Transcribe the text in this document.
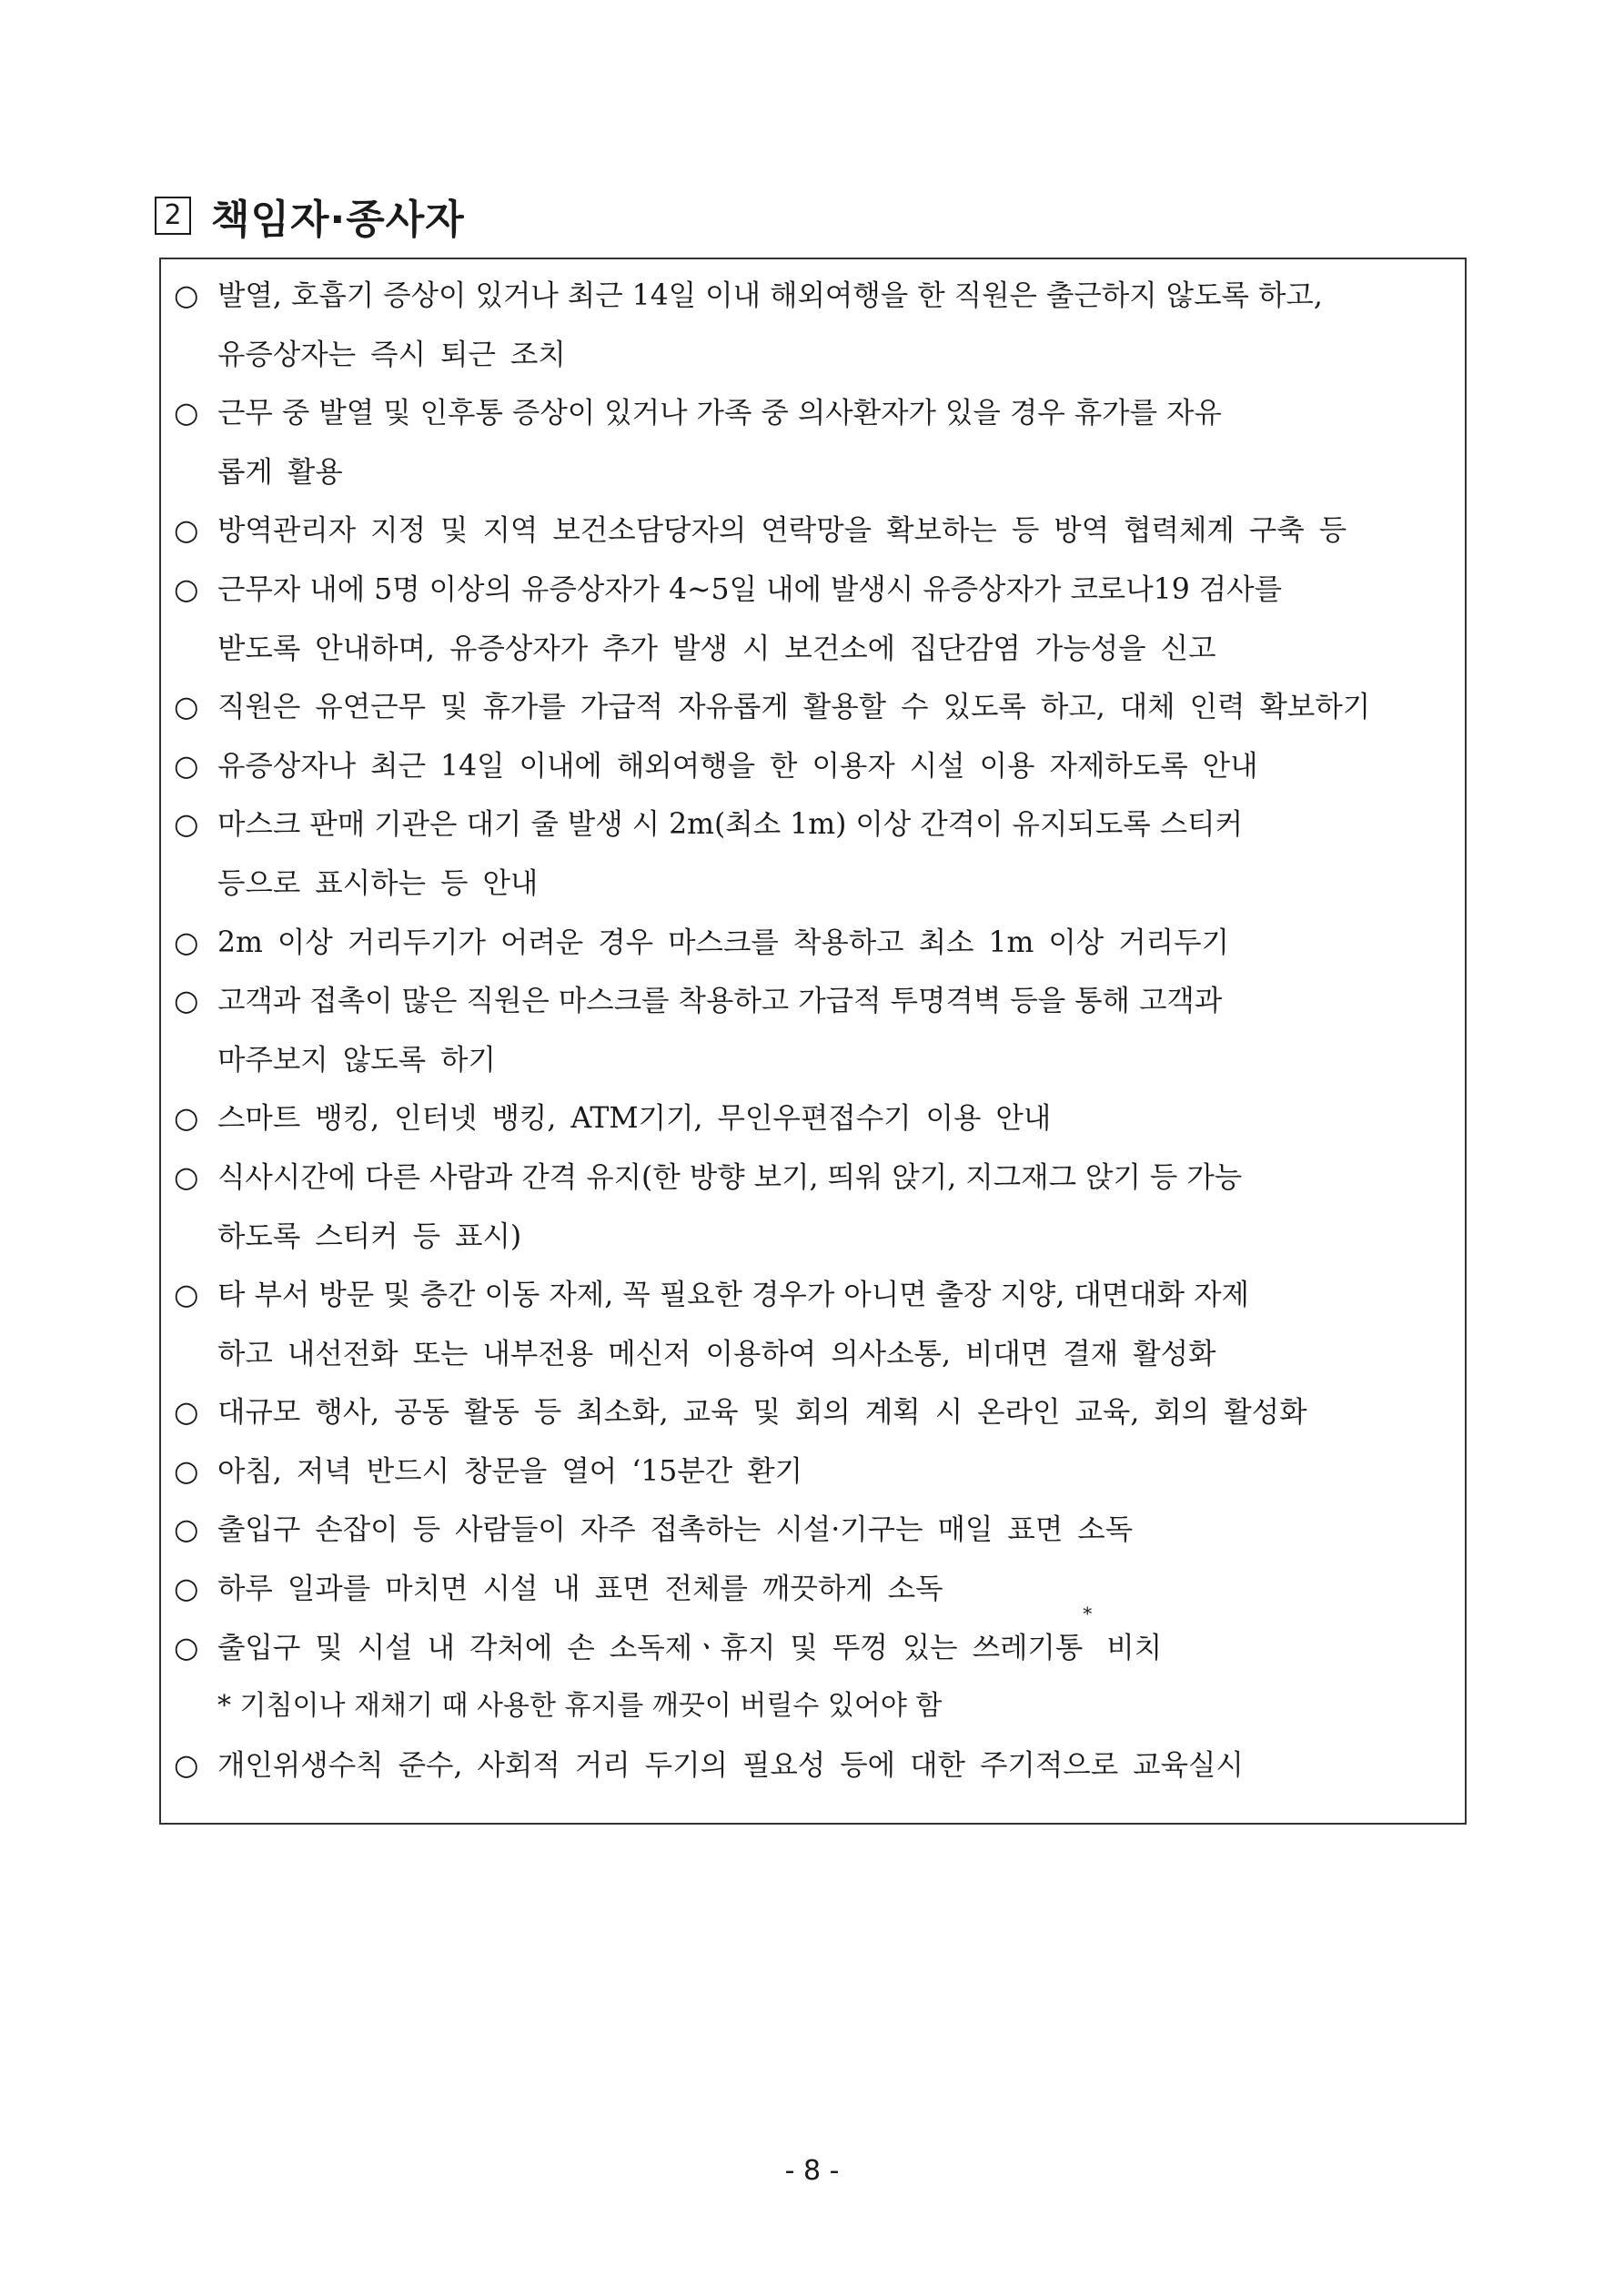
2 책임자·종사자
○ 발열, 호흡기 증상이 있거나 최근 14일 이내 해외여행을 한 직원은 출근하지 않도록 하고,
유증상자는 즉시 퇴근 조치
○ 근무 중 발열 및 인후통 증상이 있거나 가족 중 의사환자가 있을 경우 휴가를 자유
롭게 활용
○ 방역관리자 지정 및 지역 보건소담당자의 연락망을 확보하는 등 방역 협력체계 구축 등
○ 근무자 내에 5명 이상의 유증상자가 4~5일 내에 발생시 유증상자가 코로나19 검사를
받도록 안내하며, 유증상자가 추가 발생 시 보건소에 집단감염 가능성을 신고
○ 직원은 유연근무 및 휴가를 가급적 자유롭게 활용할 수 있도록 하고, 대체 인력 확보하기
○ 유증상자나 최근 14일 이내에 해외여행을 한 이용자 시설 이용 자제하도록 안내
○ 마스크 판매 기관은 대기 줄 발생 시 2m(최소 1m) 이상 간격이 유지되도록 스티커
등으로 표시하는 등 안내
○ 2m 이상 거리두기가 어려운 경우 마스크를 착용하고 최소 1m 이상 거리두기
○ 고객과 접촉이 많은 직원은 마스크를 착용하고 가급적 투명격벽 등을 통해 고객과
마주보지 않도록 하기
○ 스마트 뱅킹, 인터넷 뱅킹, ATM기기, 무인우편접수기 이용 안내
○ 식사시간에 다른 사람과 간격 유지(한 방향 보기, 띄워 앉기, 지그재그 앉기 등 가능
하도록 스티커 등 표시)
○ 타 부서 방문 및 층간 이동 자제, 꼭 필요한 경우가 아니면 출장 지양, 대면대화 자제
하고 내선전화 또는 내부전용 메신저 이용하여 의사소통, 비대면 결재 활성화
○ 대규모 행사, 공동 활동 등 최소화, 교육 및 회의 계획 시 온라인 교육, 회의 활성화
○ 아침, 저녁 반드시 창문을 열어 ‘15분간 환기
○ 출입구 손잡이 등 사람들이 자주 접촉하는 시설·기구는 매일 표면 소독
○ 하루 일과를 마치면 시설 내 표면 전체를 깨끗하게 소독
○ 출입구 및 시설 내 각처에 손 소독제ㆍ휴지 및 뚜껑 있는 쓰레기통
*
비치
* 기침이나 재채기 때 사용한 휴지를 깨끗이 버릴수 있어야 함
○ 개인위생수칙 준수, 사회적 거리 두기의 필요성 등에 대한 주기적으로 교육실시
- 8 -
